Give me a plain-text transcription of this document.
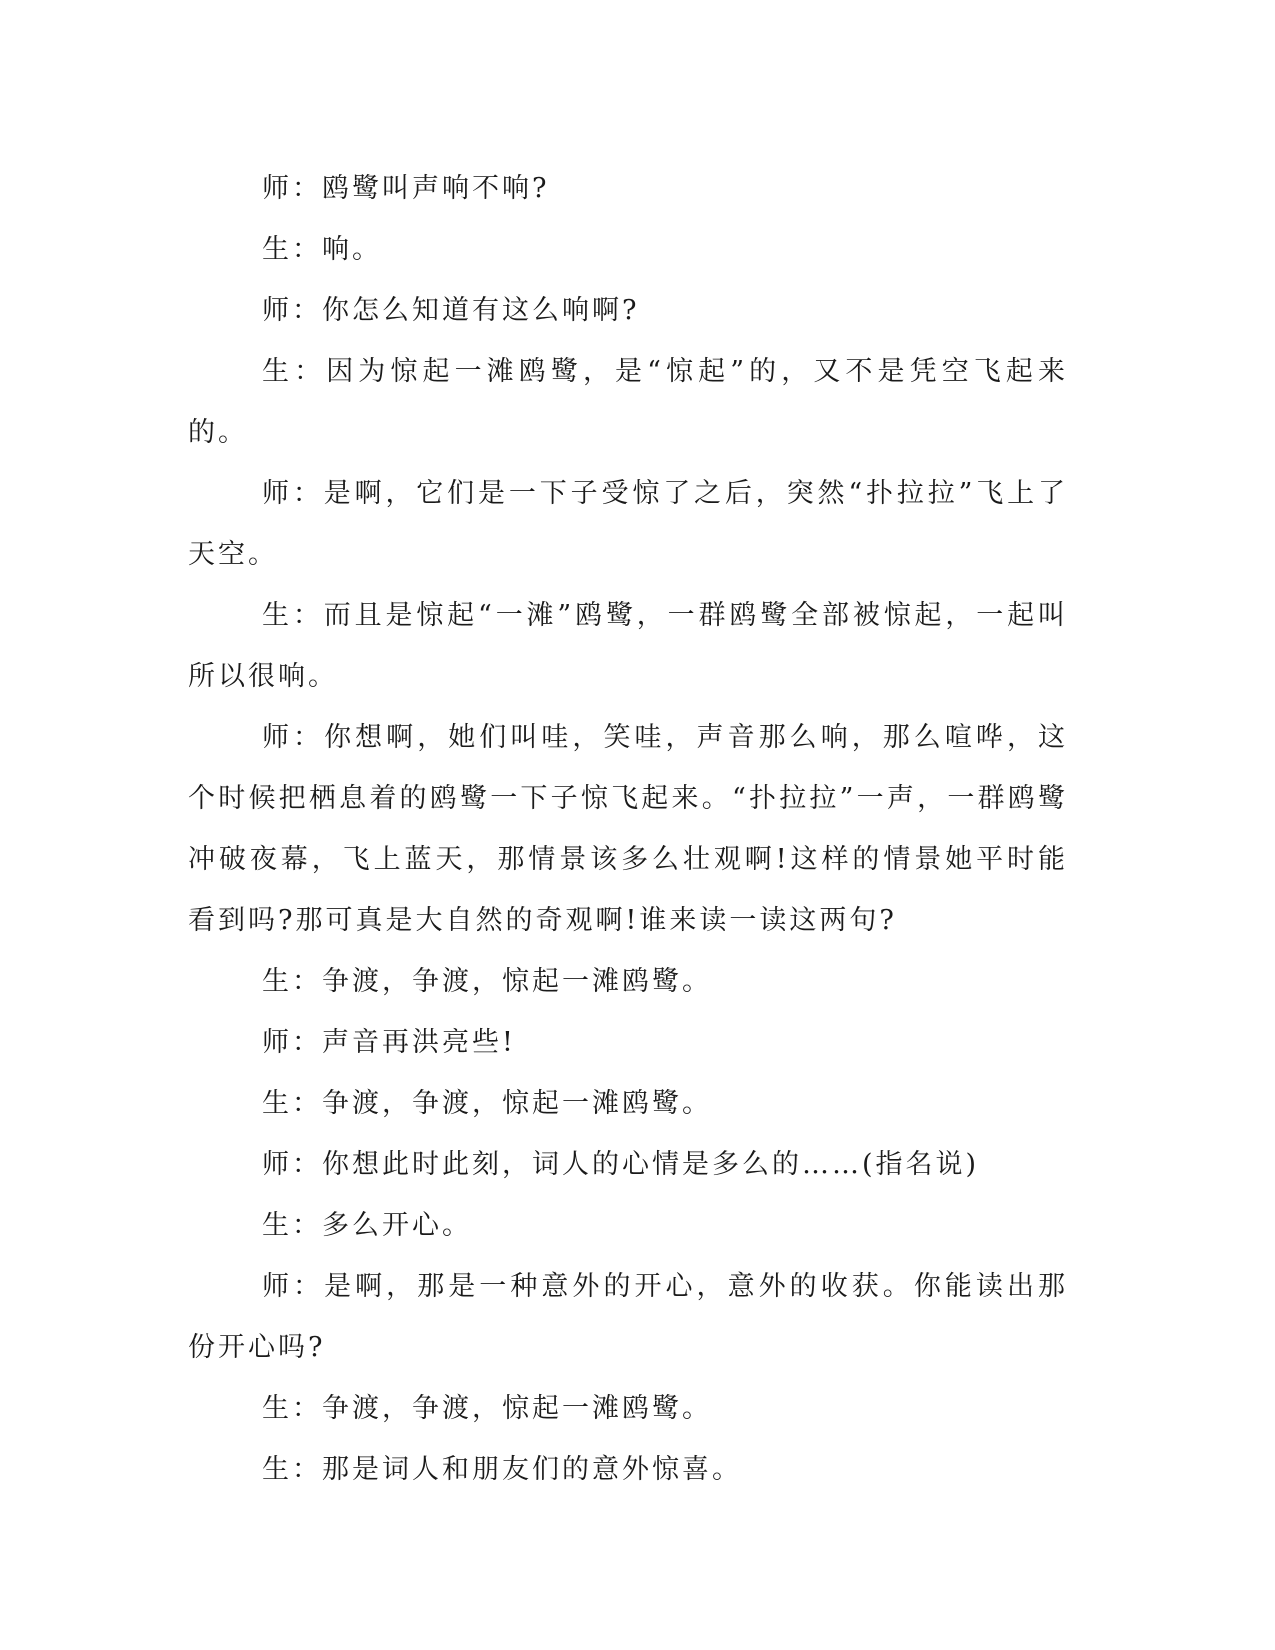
师：鸥鹭叫声响不响?

生：响。

师：你怎么知道有这么响啊?

生：因为惊起一滩鸥鹭，是“惊起”的，又不是凭空飞起来的。

师：是啊，它们是一下子受惊了之后，突然“扑拉拉”飞上了天空。

生：而且是惊起“一滩”鸥鹭，一群鸥鹭全部被惊起，一起叫所以很响。

师：你想啊，她们叫哇，笑哇，声音那么响，那么喧哗，这个时候把栖息着的鸥鹭一下子惊飞起来。“扑拉拉”一声，一群鸥鹭冲破夜幕，飞上蓝天，那情景该多么壮观啊!这样的情景她平时能看到吗?那可真是大自然的奇观啊!谁来读一读这两句?

生：争渡，争渡，惊起一滩鸥鹭。

师：声音再洪亮些!

生：争渡，争渡，惊起一滩鸥鹭。

师：你想此时此刻，词人的心情是多么的……(指名说)

生：多么开心。

师：是啊，那是一种意外的开心，意外的收获。你能读出那份开心吗?

生：争渡，争渡，惊起一滩鸥鹭。

生：那是词人和朋友们的意外惊喜。
